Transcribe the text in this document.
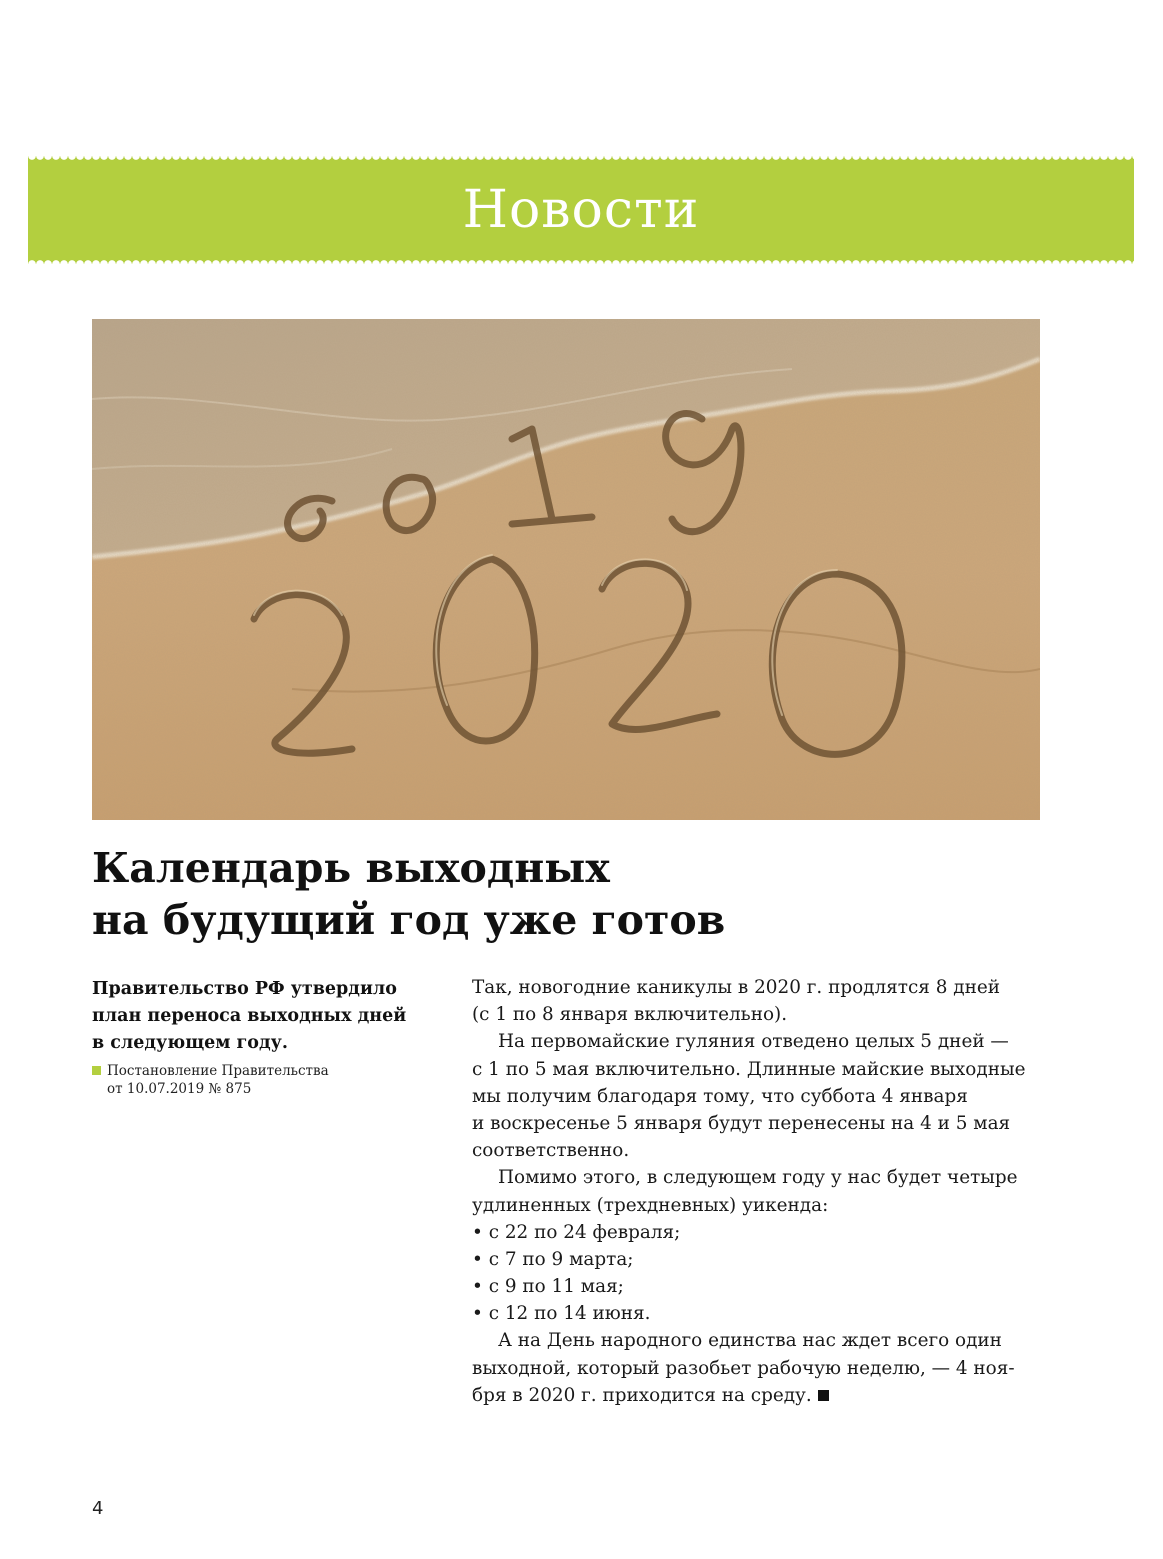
Новости
Календарь выходных
на будущий год уже готов
Правительство РФ утвердило
план переноса выходных дней
в следующем году.
Постановление Правительства
от 10.07.2019 № 875
Так, новогодние каникулы в 2020 г. продлятся 8 дней
(с 1 по 8 января включительно).
На первомайские гуляния отведено целых 5 дней —
с 1 по 5 мая включительно. Длинные майские выходные
мы получим благодаря тому, что суббота 4 января
и воскресенье 5 января будут перенесены на 4 и 5 мая
соответственно.
Помимо этого, в следующем году у нас будет четыре
удлиненных (трехдневных) уикенда:
• с 22 по 24 февраля;
• с 7 по 9 марта;
• с 9 по 11 мая;
• с 12 по 14 июня.
А на День народного единства нас ждет всего один
выходной, который разобьет рабочую неделю, — 4 ноя-
бря в 2020 г. приходится на среду.
4
